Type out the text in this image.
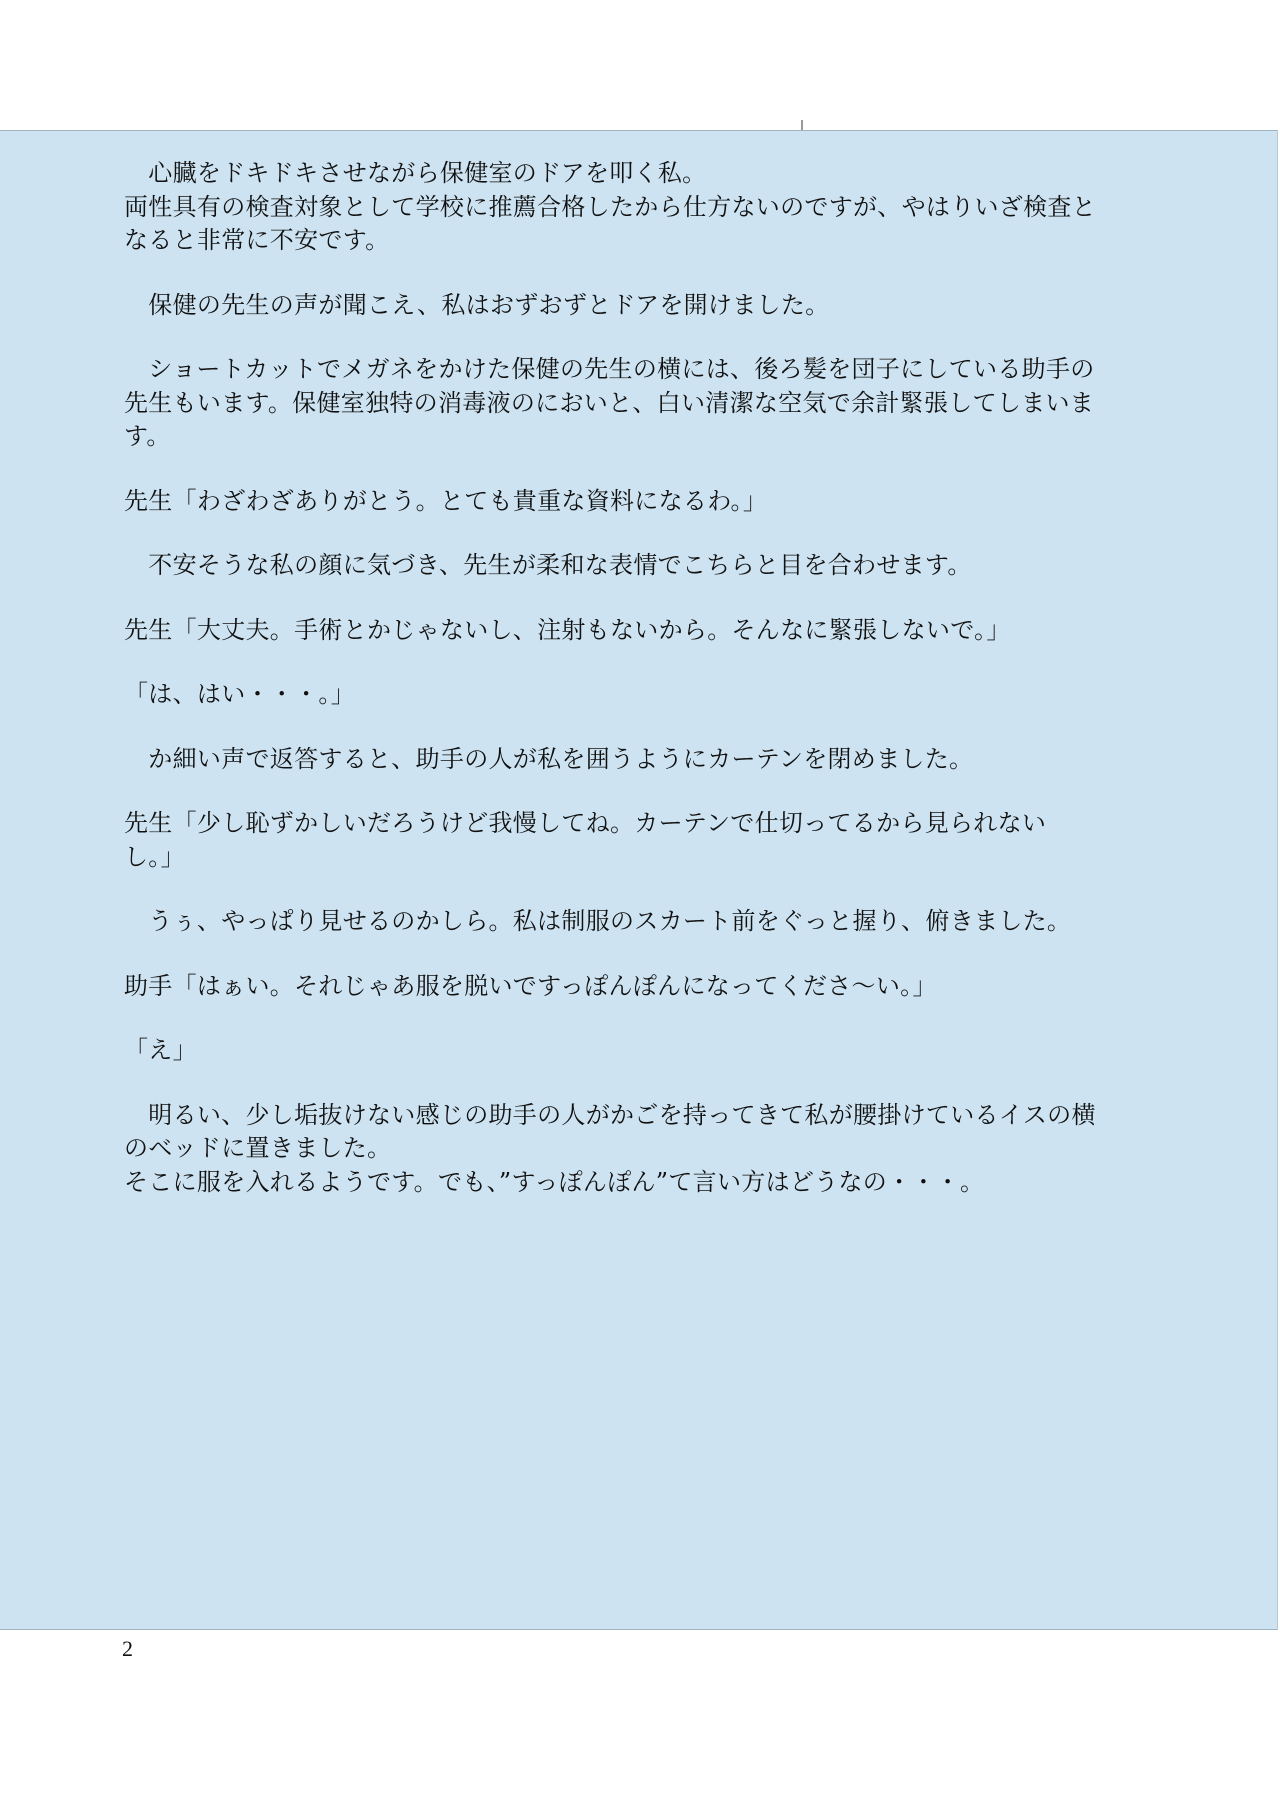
　心臓をドキドキさせながら保健室のドアを叩く私。
両性具有の検査対象として学校に推薦合格したから仕方ないのですが、やはりいざ検査と
なると非常に不安です。

　保健の先生の声が聞こえ、私はおずおずとドアを開けました。

　ショートカットでメガネをかけた保健の先生の横には、後ろ髪を団子にしている助手の
先生もいます。保健室独特の消毒液のにおいと、白い清潔な空気で余計緊張してしまいま
す。

先生「わざわざありがとう。とても貴重な資料になるわ。」

　不安そうな私の顔に気づき、先生が柔和な表情でこちらと目を合わせます。

先生「大丈夫。手術とかじゃないし、注射もないから。そんなに緊張しないで。」

「は、はい・・・。」

　か細い声で返答すると、助手の人が私を囲うようにカーテンを閉めました。

先生「少し恥ずかしいだろうけど我慢してね。カーテンで仕切ってるから見られない
し。」

　うぅ、やっぱり見せるのかしら。私は制服のスカート前をぐっと握り、俯きました。

助手「はぁい。それじゃあ服を脱いですっぽんぽんになってくださ～い。」

「え」

　明るい、少し垢抜けない感じの助手の人がかごを持ってきて私が腰掛けているイスの横
のベッドに置きました。
そこに服を入れるようです。でも、”すっぽんぽん”て言い方はどうなの・・・。

2
